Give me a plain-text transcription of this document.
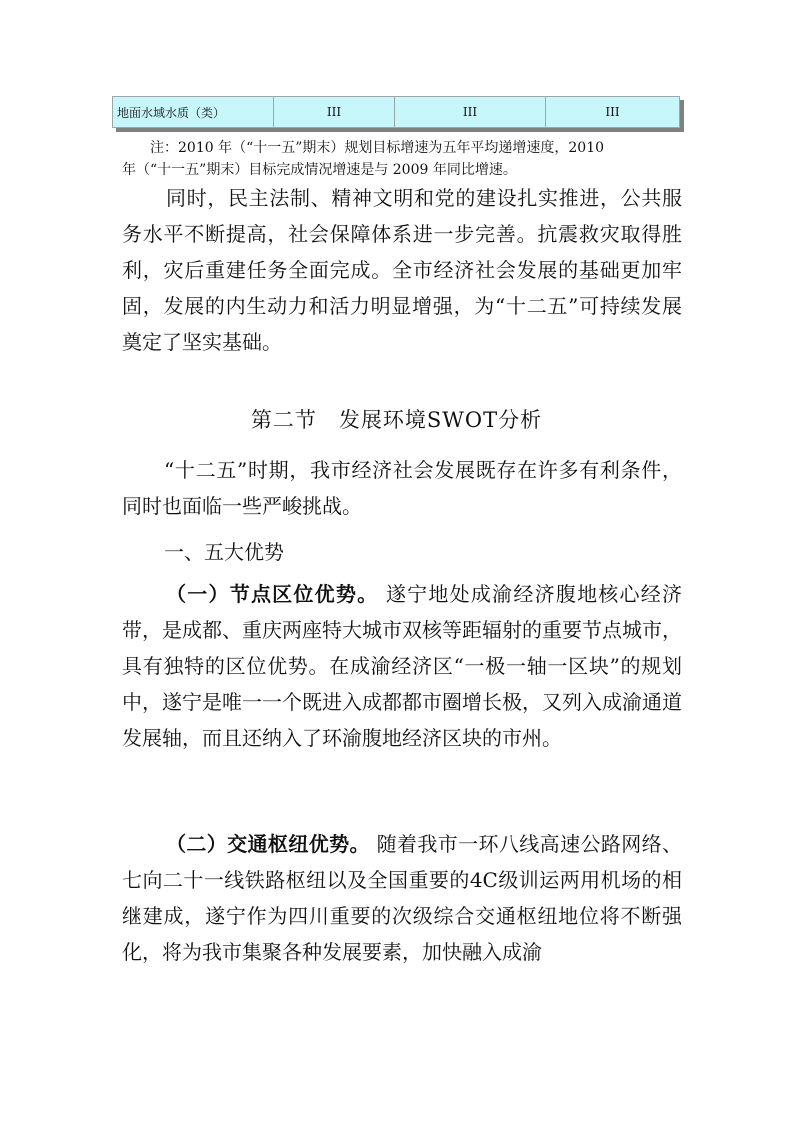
地面水域水质（类）	III	III	III

注：2010 年（“十一五”期末）规划目标增速为五年平均递增速度，2010

年（“十一五”期末）目标完成情况增速是与 2009 年同比增速。

同时，民主法制、精神文明和党的建设扎实推进，公共服务水平不断提高，社会保障体系进一步完善。抗震救灾取得胜利，灾后重建任务全面完成。全市经济社会发展的基础更加牢固，发展的内生动力和活力明显增强，为“十二五”可持续发展奠定了坚实基础。

第二节　发展环境SWOT分析

“十二五”时期，我市经济社会发展既存在许多有利条件，同时也面临一些严峻挑战。

一、五大优势

（一）节点区位优势。 遂宁地处成渝经济腹地核心经济带，是成都、重庆两座特大城市双核等距辐射的重要节点城市，具有独特的区位优势。在成渝经济区“一极一轴一区块”的规划中，遂宁是唯一一个既进入成都都市圈增长极，又列入成渝通道发展轴，而且还纳入了环渝腹地经济区块的市州。

（二）交通枢纽优势。 随着我市一环八线高速公路网络、七向二十一线铁路枢纽以及全国重要的4C级训运两用机场的相继建成，遂宁作为四川重要的次级综合交通枢纽地位将不断强化，将为我市集聚各种发展要素，加快融入成渝
